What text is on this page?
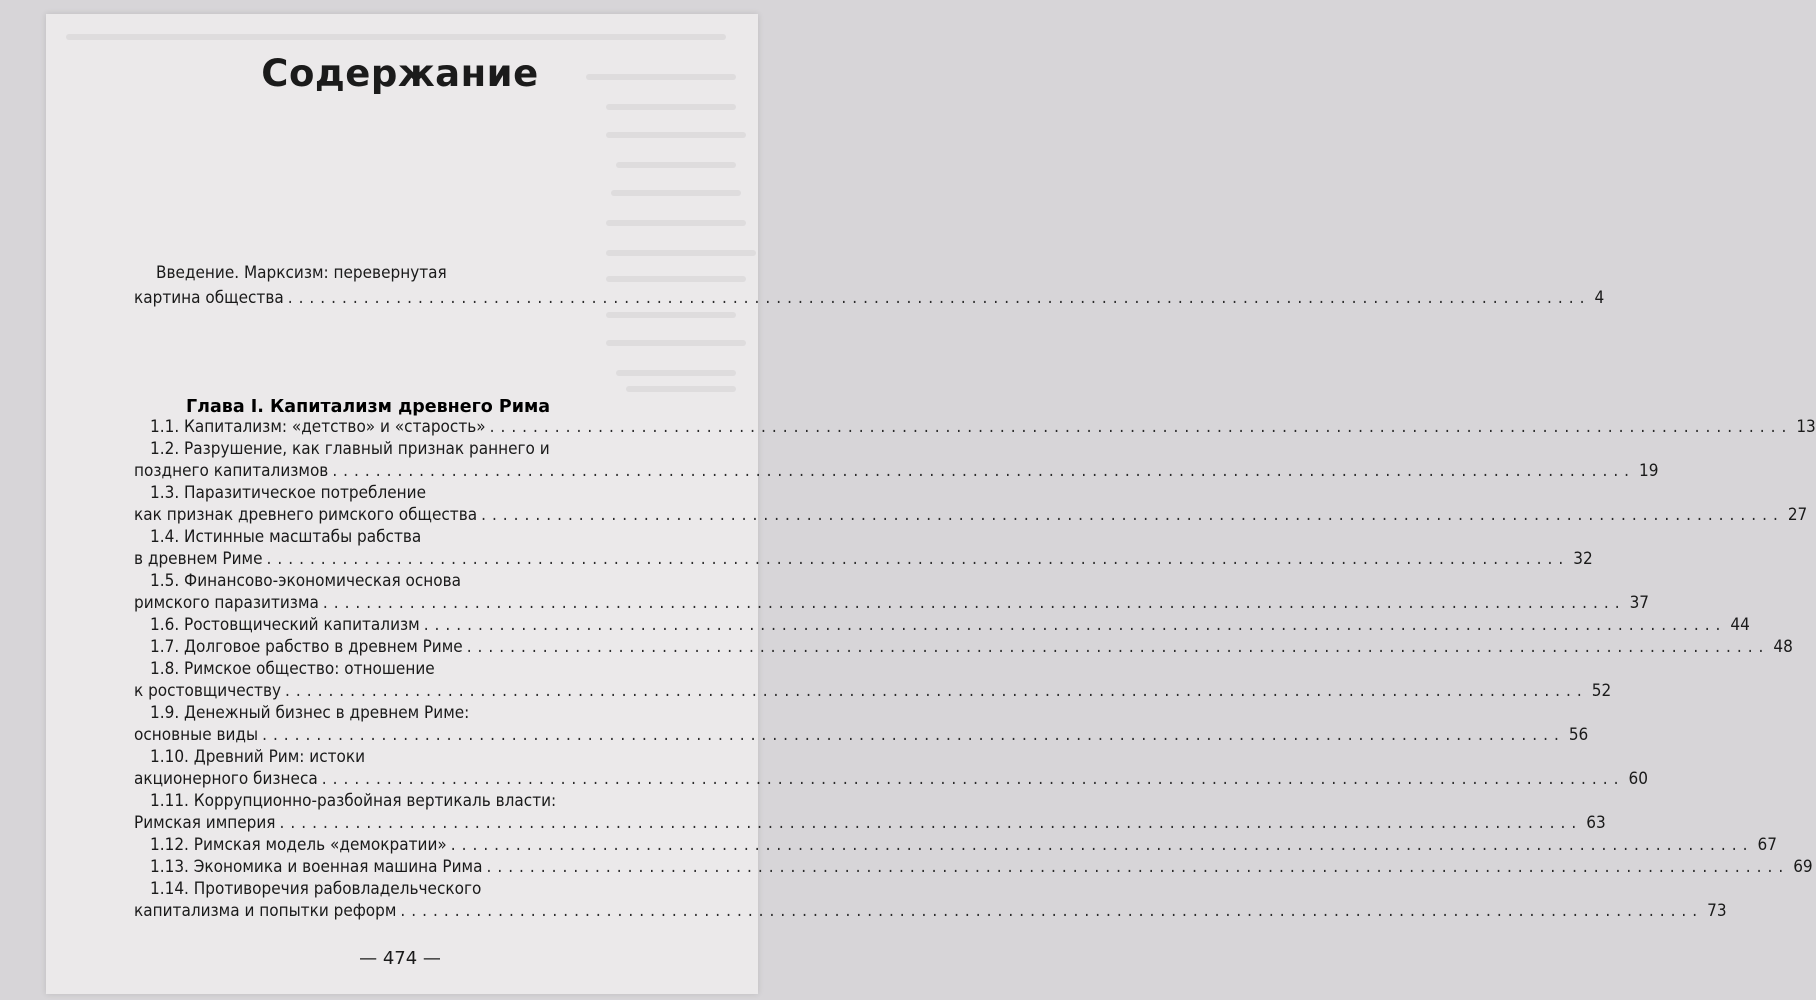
Содержание
Введение. Марксизм: перевернутая
картина общества ........................................................................................................................ 4
1.1. Капитализм: «детство» и «старость» ........................................................................................................................ 13
1.2. Разрушение, как главный признак раннего и
позднего капитализмов ........................................................................................................................ 19
1.3. Паразитическое потребление
как признак древнего римского общества ........................................................................................................................ 27
1.4. Истинные масштабы рабства
в древнем Риме ........................................................................................................................ 32
1.5. Финансово-экономическая основа
римского паразитизма ........................................................................................................................ 37
1.6. Ростовщический капитализм ........................................................................................................................ 44
1.7. Долговое рабство в древнем Риме ........................................................................................................................ 48
1.8. Римское общество: отношение
к ростовщичеству ........................................................................................................................ 52
1.9. Денежный бизнес в древнем Риме:
основные виды ........................................................................................................................ 56
1.10. Древний Рим: истоки
акционерного бизнеса ........................................................................................................................ 60
1.11. Коррупционно-разбойная вертикаль власти:
Римская империя ........................................................................................................................ 63
1.12. Римская модель «демократии» ........................................................................................................................ 67
1.13. Экономика и военная машина Рима ........................................................................................................................ 69
1.14. Противоречия рабовладельческого
капитализма и попытки реформ ........................................................................................................................ 73
Глава I. Капитализм древнего Рима
— 474 —
